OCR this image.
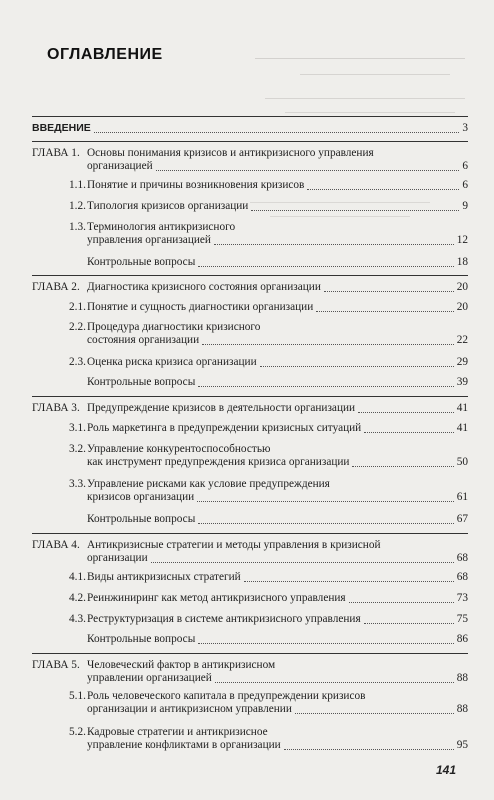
ОГЛАВЛЕНИЕ
ВВЕДЕНИЕ	3
ГЛАВА 1. Основы понимания кризисов и антикризисного управления
организацией	6
1.1. Понятие и причины возникновения кризисов	6
1.2. Типология кризисов организации	9
1.3. Терминология антикризисного
управления организацией	12
Контрольные вопросы	18
ГЛАВА 2. Диагностика кризисного состояния организации	20
2.1. Понятие и сущность диагностики организации	20
2.2. Процедура диагностики кризисного
состояния организации	22
2.3. Оценка риска кризиса организации	29
Контрольные вопросы	39
ГЛАВА 3. Предупреждение кризисов в деятельности организации	41
3.1. Роль маркетинга в предупреждении кризисных ситуаций	41
3.2. Управление конкурентоспособностью
как инструмент предупреждения кризиса организации	50
3.3. Управление рисками как условие предупреждения
кризисов организации	61
Контрольные вопросы	67
ГЛАВА 4. Антикризисные стратегии и методы управления в кризисной
организации	68
4.1. Виды антикризисных стратегий	68
4.2. Реинжиниринг как метод антикризисного управления	73
4.3. Реструктуризация в системе антикризисного управления	75
Контрольные вопросы	86
ГЛАВА 5. Человеческий фактор в антикризисном
управлении организацией	88
5.1. Роль человеческого капитала в предупреждении кризисов
организации и антикризисном управлении	88
5.2. Кадровые стратегии и антикризисное
управление конфликтами в организации	95
141
